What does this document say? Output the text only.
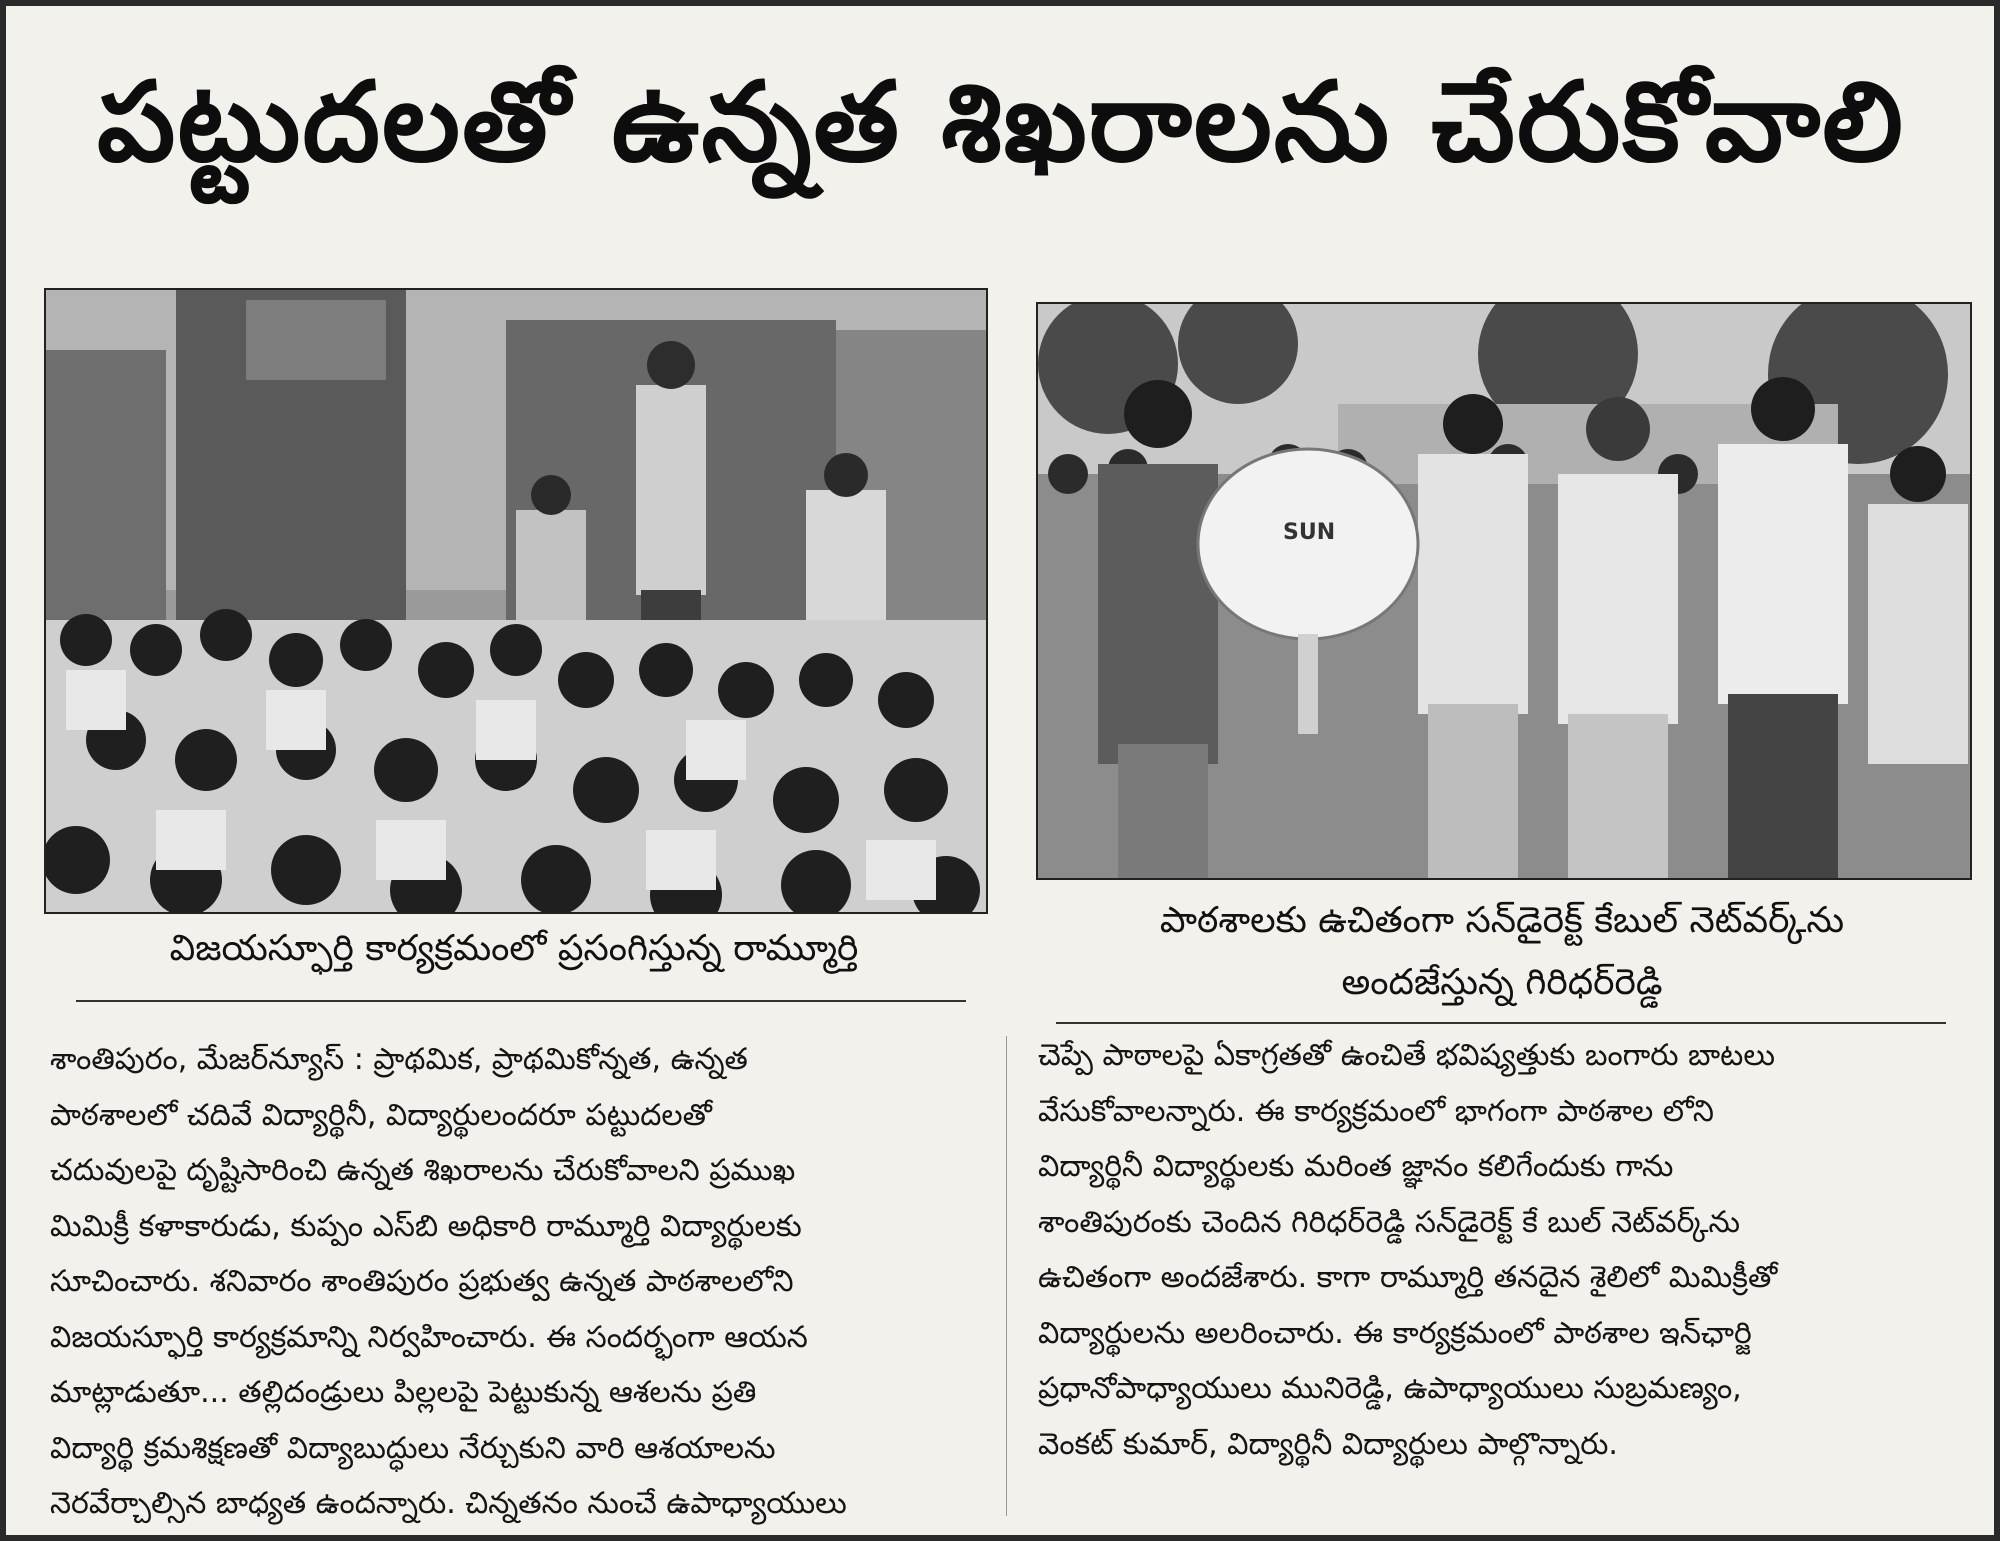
పట్టుదలతో ఉన్నత శిఖరాలను చేరుకోవాలి
విజయస్ఫూర్తి కార్యక్రమంలో ప్రసంగిస్తున్న రామ్మూర్తి
SUN
పాఠశాలకు ఉచితంగా సన్‌డైరెక్ట్ కేబుల్ నెట్‌వర్క్‌ను
అందజేస్తున్న గిరిధర్‌రెడ్డి
శాంతిపురం, మేజర్‌న్యూస్ : ప్రాథమిక, ప్రాథమికోన్నత, ఉన్నత
పాఠశాలలో చదివే విద్యార్థినీ, విద్యార్థులందరూ పట్టుదలతో
చదువులపై దృష్టిసారించి ఉన్నత శిఖరాలను చేరుకోవాలని ప్రముఖ
మిమిక్రీ కళాకారుడు, కుప్పం ఎస్‌బి అధికారి రామ్మూర్తి విద్యార్థులకు
సూచించారు. శనివారం శాంతిపురం ప్రభుత్వ ఉన్నత పాఠశాలలోని
విజయస్ఫూర్తి కార్యక్రమాన్ని నిర్వహించారు. ఈ సందర్భంగా ఆయన
మాట్లాడుతూ... తల్లిదండ్రులు పిల్లలపై పెట్టుకున్న ఆశలను ప్రతి
విద్యార్థి క్రమశిక్షణతో విద్యాబుద్ధులు నేర్చుకుని వారి ఆశయాలను
నెరవేర్చాల్సిన బాధ్యత ఉందన్నారు. చిన్నతనం నుంచే ఉపాధ్యాయులు
చెప్పే పాఠాలపై ఏకాగ్రతతో ఉంచితే భవిష్యత్తుకు బంగారు బాటలు
వేసుకోవాలన్నారు. ఈ కార్యక్రమంలో భాగంగా పాఠశాల లోని
విద్యార్థినీ విద్యార్థులకు మరింత జ్ఞానం కలిగేందుకు గాను
శాంతిపురంకు చెందిన గిరిధర్‌రెడ్డి సన్‌డైరెక్ట్ కే బుల్ నెట్‌వర్క్‌ను
ఉచితంగా అందజేశారు. కాగా రామ్మూర్తి తనదైన శైలిలో మిమిక్రీతో
విద్యార్థులను అలరించారు. ఈ కార్యక్రమంలో పాఠశాల ఇన్‌ఛార్జి
ప్రధానోపాధ్యాయులు మునిరెడ్డి, ఉపాధ్యాయులు సుబ్రమణ్యం,
వెంకట్ కుమార్, విద్యార్థినీ విద్యార్థులు పాల్గొన్నారు.
